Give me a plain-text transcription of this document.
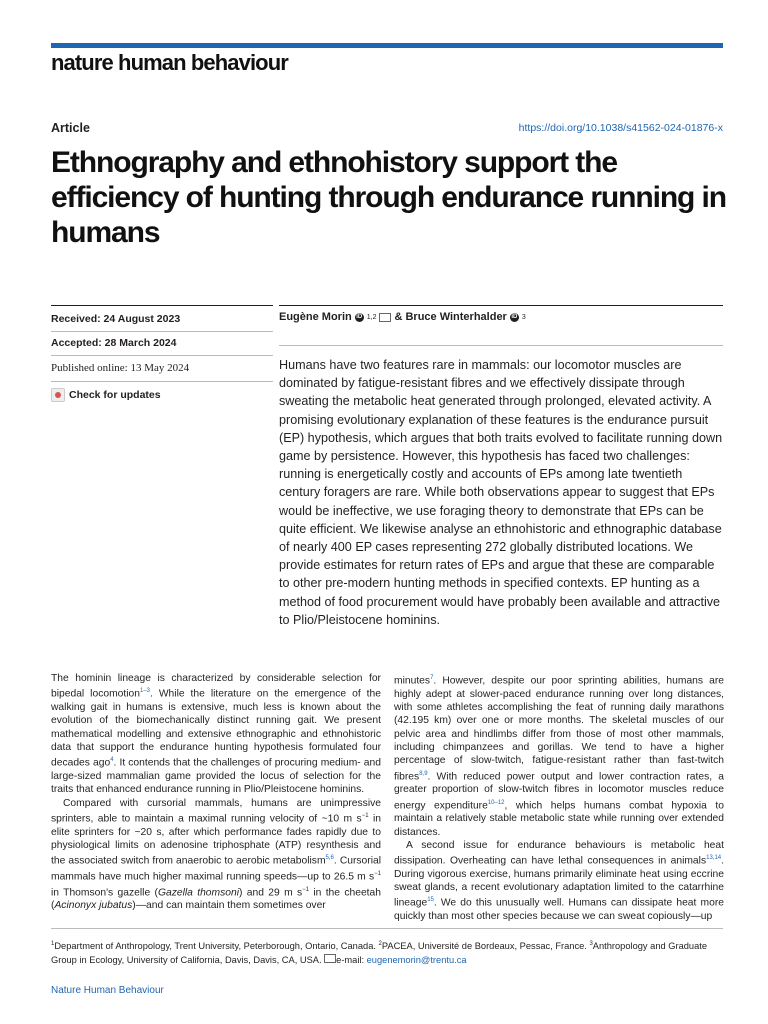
nature human behaviour
Article	https://doi.org/10.1038/s41562-024-01876-x
Ethnography and ethnohistory support the efficiency of hunting through endurance running in humans
Received: 24 August 2023
Accepted: 28 March 2024
Published online: 13 May 2024
Check for updates
Eugène Morin iD 1,2 & Bruce Winterhalder iD 3

Humans have two features rare in mammals: our locomotor muscles are dominated by fatigue-resistant fibres and we effectively dissipate through sweating the metabolic heat generated through prolonged, elevated activity. A promising evolutionary explanation of these features is the endurance pursuit (EP) hypothesis, which argues that both traits evolved to facilitate running down game by persistence. However, this hypothesis has faced two challenges: running is energetically costly and accounts of EPs among late twentieth century foragers are rare. While both observations appear to suggest that EPs would be ineffective, we use foraging theory to demonstrate that EPs can be quite efficient. We likewise analyse an ethnohistoric and ethnographic database of nearly 400 EP cases representing 272 globally distributed locations. We provide estimates for return rates of EPs and argue that these are comparable to other pre-modern hunting methods in specified contexts. EP hunting as a method of food procurement would have probably been available and attractive to Plio/Pleistocene hominins.

The hominin lineage is characterized by considerable selection for bipedal locomotion$^{1-3}$. While the literature on the emergence of the walking gait in humans is extensive, much less is known about the evolution of the biomechanically distinct running gait. We present mathematical modelling and extensive ethnographic and ethnohistoric data that support the endurance hunting hypothesis formulated four decades ago$^4$. It contends that the challenges of procuring medium- and large-sized mammalian game provided the locus of selection for the traits that enhanced endurance running in Plio/Pleistocene hominins.

Compared with cursorial mammals, humans are unimpressive sprinters, able to maintain a maximal running velocity of ~10 m $s^{-1}$ in elite sprinters for ~20 s, after which performance fades rapidly due to physiological limits on adenosine triphosphate (ATP) resynthesis and the associated switch from anaerobic to aerobic metabolism$^{5,6}$. Cursorial mammals have much higher maximal running speeds—up to 26.5 m $s^{-1}$ in Thomson's gazelle (Gazella thomsoni) and 29 m $s^{-1}$ in the cheetah (Acinonyx jubatus)—and can maintain them sometimes over

minutes$^7$. However, despite our poor sprinting abilities, humans are highly adept at slower-paced endurance running over long distances, with some athletes accomplishing the feat of running daily marathons (42.195 km) over one or more months. The skeletal muscles of our pelvic area and hindlimbs differ from those of most other mammals, including chimpanzees and gorillas. We tend to have a higher percentage of slow-twitch, fatigue-resistant rather than fast-twitch fibres$^{8,9}$. With reduced power output and lower contraction rates, a greater proportion of slow-twitch fibres in locomotor muscles reduce energy expenditure$^{10-12}$, which helps humans combat hypoxia to maintain a relatively stable metabolic state while running over extended distances.

A second issue for endurance behaviours is metabolic heat dissipation. Overheating can have lethal consequences in animals$^{13,14}$. During vigorous exercise, humans primarily eliminate heat using eccrine sweat glands, a recent evolutionary adaptation limited to the catarrhine lineage$^{15}$. We do this unusually well. Humans can dissipate heat more quickly than most other species because we can sweat copiously—up

$^1$Department of Anthropology, Trent University, Peterborough, Ontario, Canada. $^2$PACEA, Université de Bordeaux, Pessac, France. $^3$Anthropology and Graduate Group in Ecology, University of California, Davis, Davis, CA, USA. e-mail: eugenemorin@trentu.ca

Nature Human Behaviour
